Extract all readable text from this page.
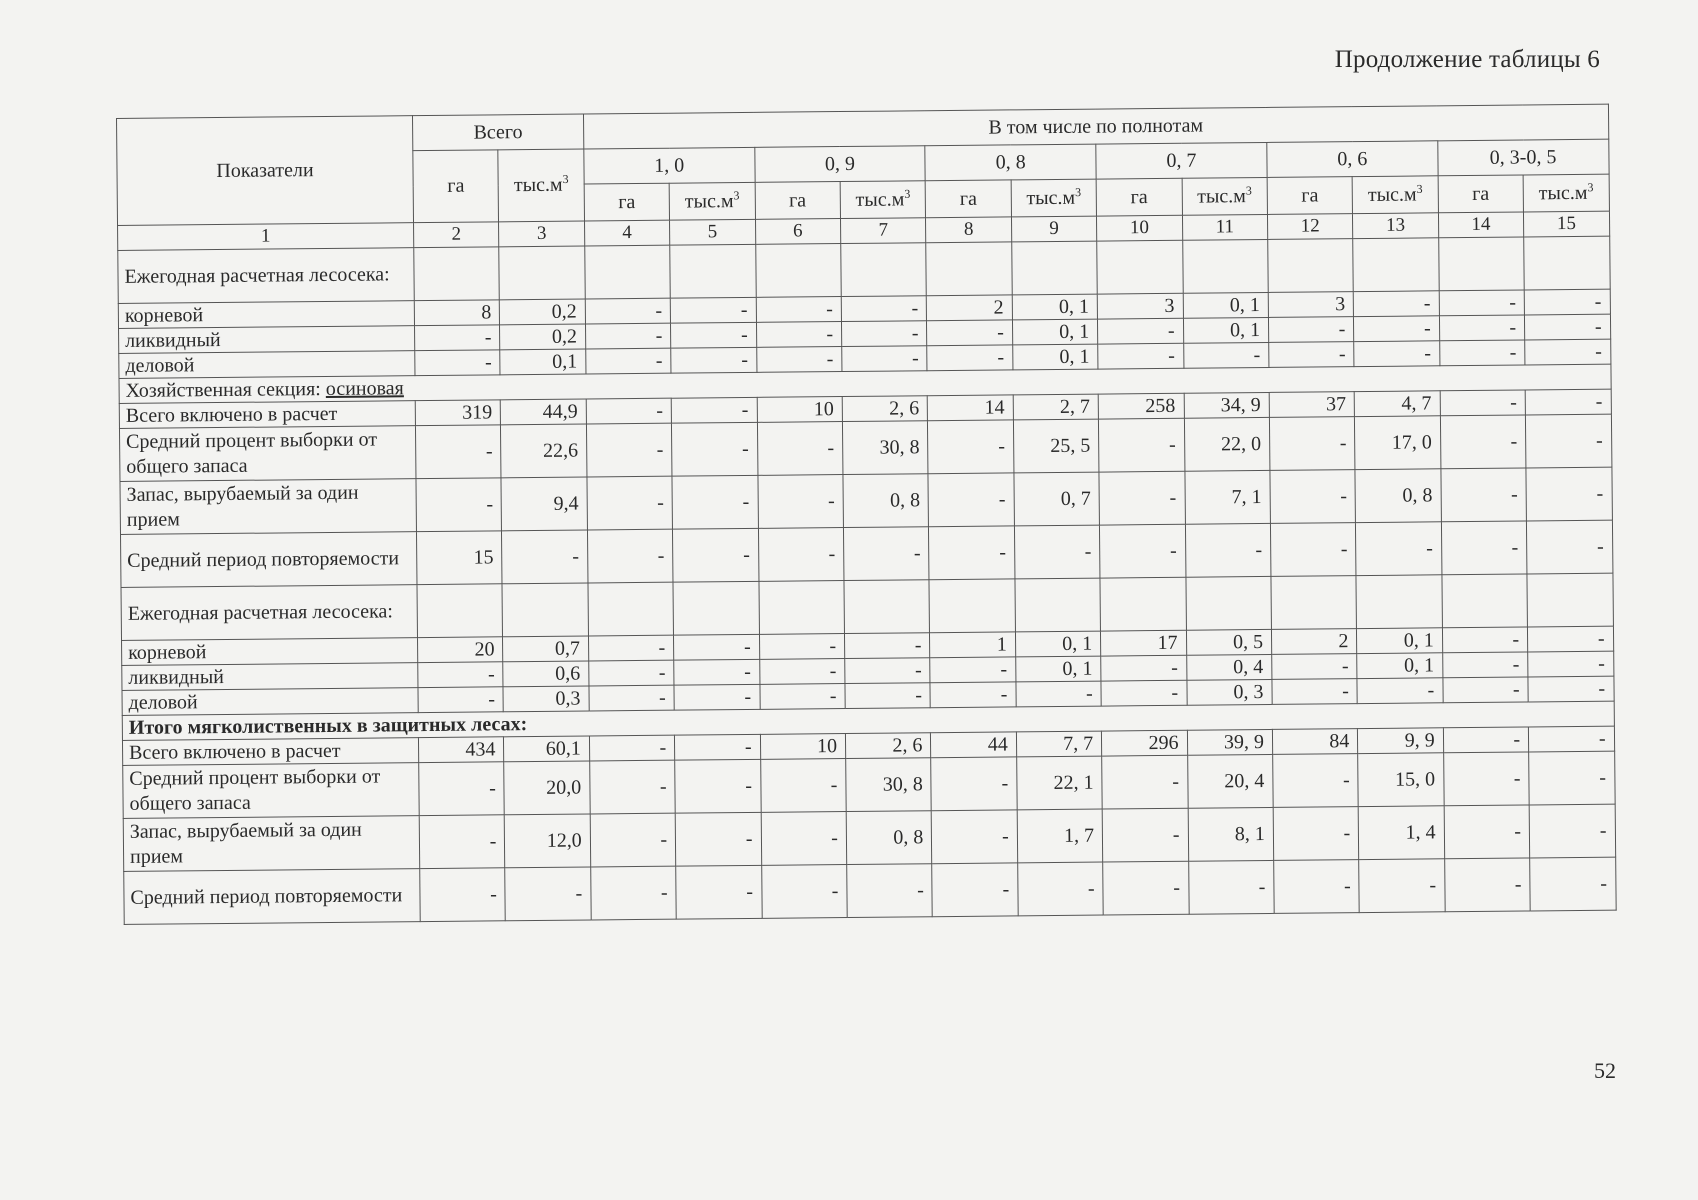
Продолжение таблицы 6
Показатели	Всего		В том числе по полнотам											
	га	$тыс.м^3$	1, 0		0, 9		0, 8		0, 7		0, 6		0, 3-0, 5	
			га	$тыс.м^3$	га	$тыс.м^3$	га	$тыс.м^3$	га	$тыс.м^3$	га	$тыс.м^3$	га	$тыс.м^3$
1	2	3	4	5	6	7	8	9	10	11	12	13	14	15
Ежегодная расчетная лесосека:														
корневой	8	0,2	-	-	-	-	2	0, 1	3	0, 1	3	-	-	-
ликвидный	-	0,2	-	-	-	-	-	0, 1	-	0, 1	-	-	-	-
деловой	-	0,1	-	-	-	-	-	0, 1	-	-	-	-	-	-
Хозяйственная секция: осиновая														
Всего включено в расчет	319	44,9	-	-	10	2, 6	14	2, 7	258	34, 9	37	4, 7	-	-
Средний процент выборки от общего запаса	-	22,6	-	-	-	30, 8	-	25, 5	-	22, 0	-	17, 0	-	-
Запас, вырубаемый за один прием	-	9,4	-	-	-	0, 8	-	0, 7	-	7, 1	-	0, 8	-	-
Средний период повторяемости	15	-	-	-	-	-	-	-	-	-	-	-	-	-
Ежегодная расчетная лесосека:														
корневой	20	0,7	-	-	-	-	1	0, 1	17	0, 5	2	0, 1	-	-
ликвидный	-	0,6	-	-	-	-	-	0, 1	-	0, 4	-	0, 1	-	-
деловой	-	0,3	-	-	-	-	-	-	-	0, 3	-	-	-	-
Итого мягколиственных в защитных лесах:														
Всего включено в расчет	434	60,1	-	-	10	2, 6	44	7, 7	296	39, 9	84	9, 9	-	-
Средний процент выборки от общего запаса	-	20,0	-	-	-	30, 8	-	22, 1	-	20, 4	-	15, 0	-	-
Запас, вырубаемый за один прием	-	12,0	-	-	-	0, 8	-	1, 7	-	8, 1	-	1, 4	-	-
Средний период повторяемости	-	-	-	-	-	-	-	-	-	-	-	-	-	-
52
